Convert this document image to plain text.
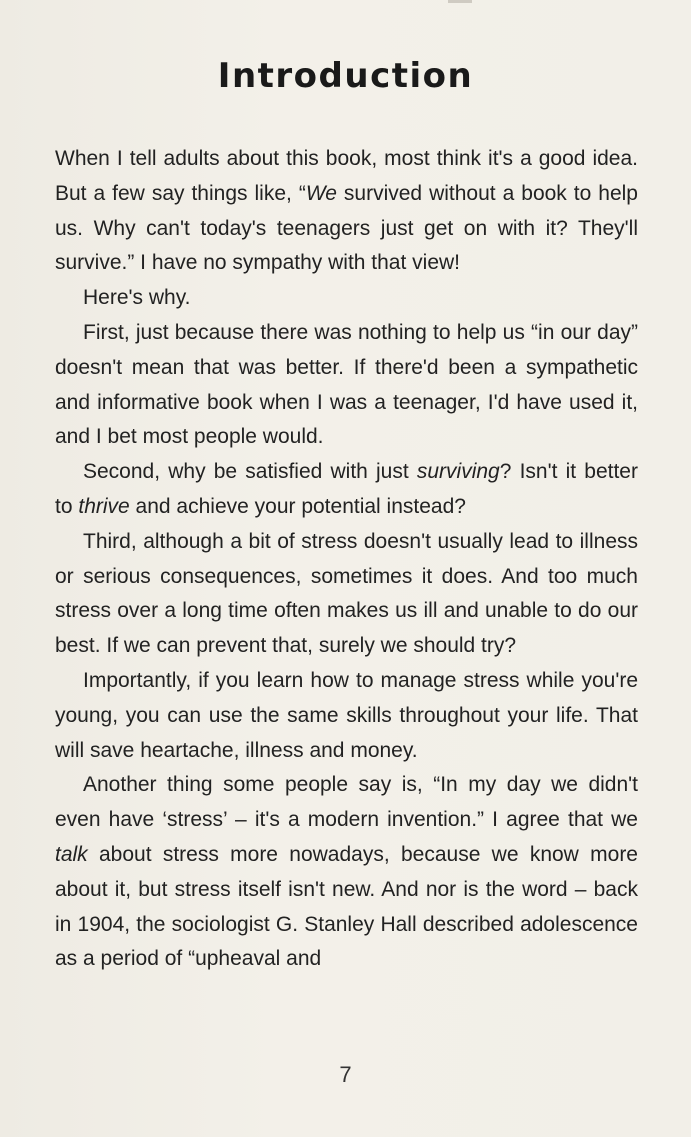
Introduction

When I tell adults about this book, most think it's a good idea. But a few say things like, “We survived without a book to help us. Why can't today's teenagers just get on with it? They'll survive.” I have no sympathy with that view!

Here's why.

First, just because there was nothing to help us “in our day” doesn't mean that was better. If there'd been a sympathetic and informative book when I was a teenager, I'd have used it, and I bet most people would.

Second, why be satisfied with just surviving? Isn't it better to thrive and achieve your potential instead?

Third, although a bit of stress doesn't usually lead to illness or serious consequences, sometimes it does. And too much stress over a long time often makes us ill and unable to do our best. If we can prevent that, surely we should try?

Importantly, if you learn how to manage stress while you're young, you can use the same skills throughout your life. That will save heartache, illness and money.

Another thing some people say is, “In my day we didn't even have ‘stress’ – it's a modern invention.” I agree that we talk about stress more nowadays, because we know more about it, but stress itself isn't new. And nor is the word – back in 1904, the sociologist G. Stanley Hall described adolescence as a period of “upheaval and

7
